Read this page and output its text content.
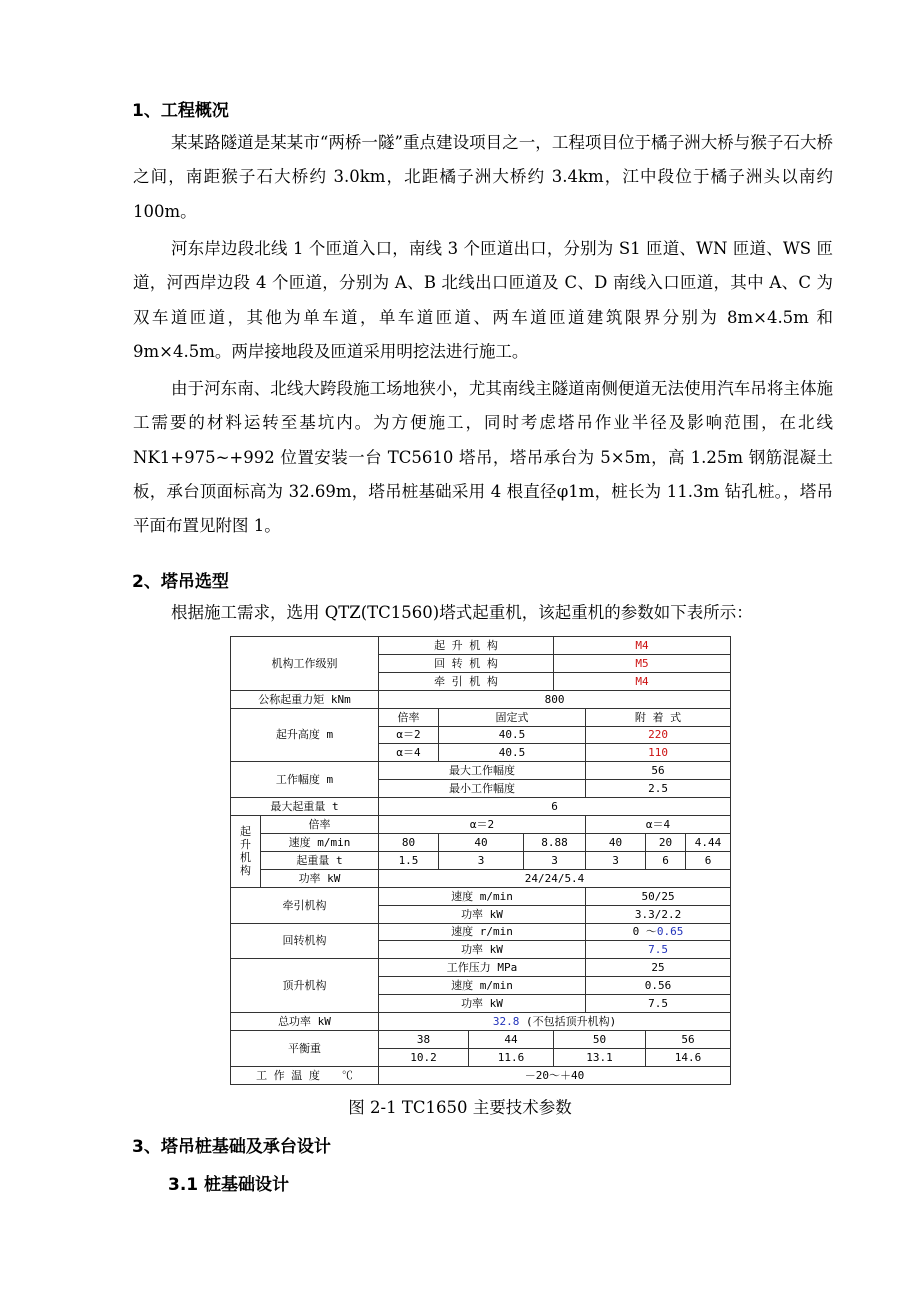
1、工程概况

某某路隧道是某某市“两桥一隧”重点建设项目之一，工程项目位于橘子洲大桥与猴子石大桥之间，南距猴子石大桥约 3.0km，北距橘子洲大桥约 3.4km，江中段位于橘子洲头以南约 100m。

河东岸边段北线 1 个匝道入口，南线 3 个匝道出口，分别为 S1 匝道、WN 匝道、WS 匝道，河西岸边段 4 个匝道，分别为 A、B 北线出口匝道及 C、D 南线入口匝道，其中 A、C 为双车道匝道，其他为单车道，单车道匝道、两车道匝道建筑限界分别为 8m×4.5m 和 9m×4.5m。两岸接地段及匝道采用明挖法进行施工。

由于河东南、北线大跨段施工场地狭小，尤其南线主隧道南侧便道无法使用汽车吊将主体施工需要的材料运转至基坑内。为方便施工，同时考虑塔吊作业半径及影响范围，在北线 NK1+975~+992 位置安装一台 TC5610 塔吊，塔吊承台为 5×5m，高 1.25m 钢筋混凝土板，承台顶面标高为 32.69m，塔吊桩基础采用 4 根直径φ1m，桩长为 11.3m 钻孔桩。，塔吊平面布置见附图 1。

2、塔吊选型

根据施工需求，选用 QTZ(TC1560)塔式起重机，该起重机的参数如下表所示：

机构工作级别		起 升 机 构				M4			
		回 转 机 构				M5			
		牵 引 机 构				M4			
公称起重力矩 kNm		800							
起升高度 m		倍率	固定式				附 着 式		
		α＝2	40.5				220		
		α＝4	40.5				110		
工作幅度 m		最大工作幅度					56		
		最小工作幅度					2.5		
最大起重量 t		6							

起
升
机
构	倍率	α＝2					α＝4		
	速度 m/min	80	40		8.88		40	20	4.44
	起重量 t	1.5	3		3		3	6	6
	功率 kW	24/24/5.4							
牵引机构		速度 m/min					50/25		
		功率 kW					3.3/2.2		
回转机构		速度 r/min					0 ～0.65		
		功率 kW					7.5		
顶升机构		工作压力 MPa					25		
		速度 m/min					0.56		
		功率 kW					7.5		
总功率 kW		32.8 (不包括顶升机构)							
平衡重		38		44		50		56	
		10.2		11.6		13.1		14.6	
工 作 温 度　　℃		－20～＋40							
图 2-1 TC1650 主要技术参数
3、塔吊桩基础及承台设计
3.1 桩基础设计
